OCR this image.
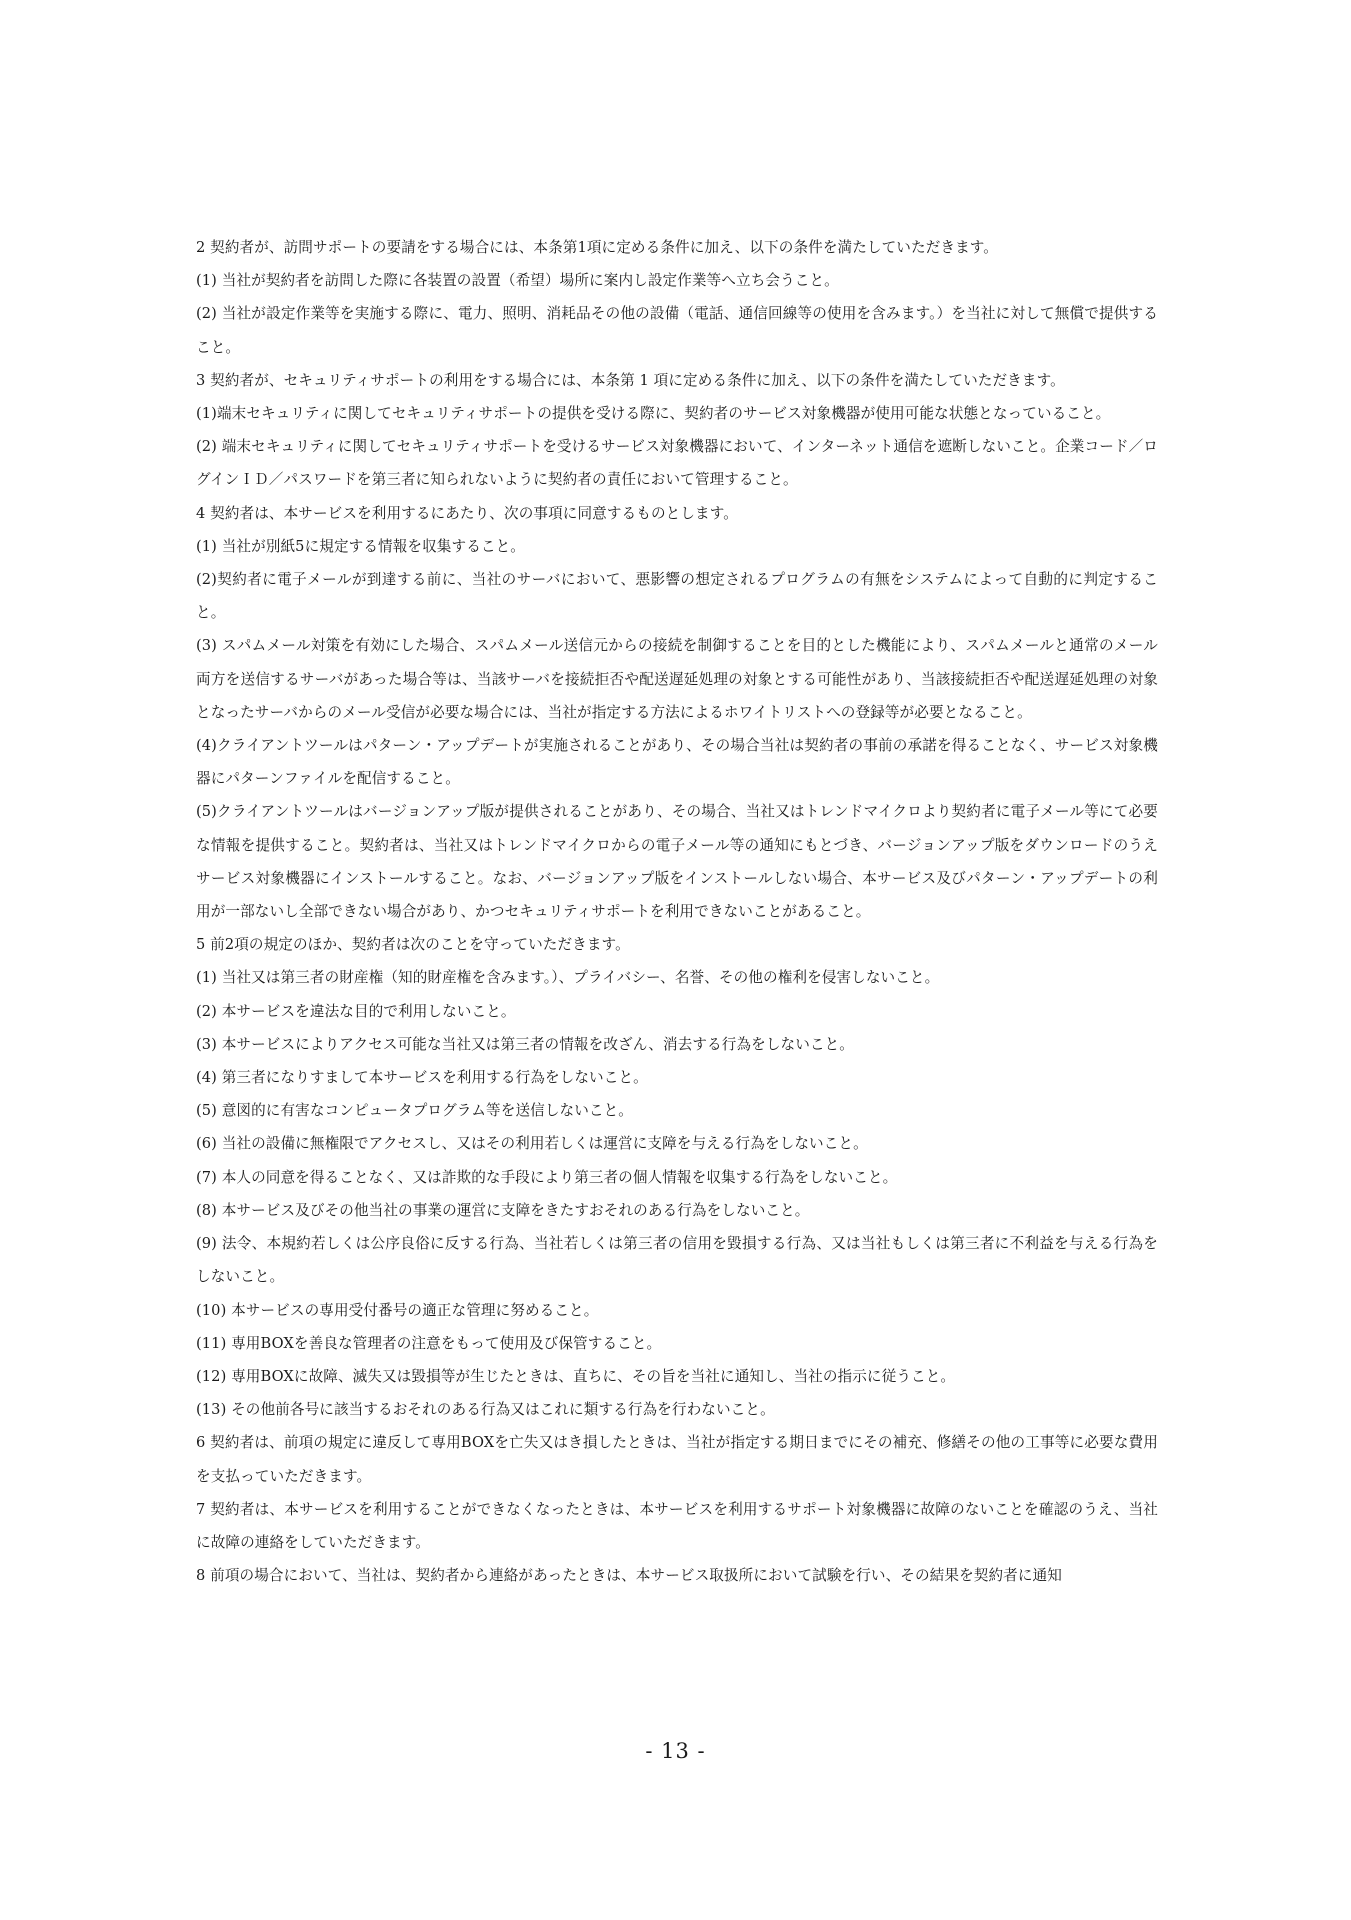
2 契約者が、訪問サポートの要請をする場合には、本条第1項に定める条件に加え、以下の条件を満たしていただきます。

(1) 当社が契約者を訪問した際に各装置の設置（希望）場所に案内し設定作業等へ立ち会うこと。

(2) 当社が設定作業等を実施する際に、電力、照明、消耗品その他の設備（電話、通信回線等の使用を含みます。）を当社に対して無償で提供すること。

3 契約者が、セキュリティサポートの利用をする場合には、本条第 1 項に定める条件に加え、以下の条件を満たしていただきます。

(1)端末セキュリティに関してセキュリティサポートの提供を受ける際に、契約者のサービス対象機器が使用可能な状態となっていること。

(2) 端末セキュリティに関してセキュリティサポートを受けるサービス対象機器において、インターネット通信を遮断しないこと。企業コード／ログインＩＤ／パスワードを第三者に知られないように契約者の責任において管理すること。

4 契約者は、本サービスを利用するにあたり、次の事項に同意するものとします。

(1) 当社が別紙5に規定する情報を収集すること。

(2)契約者に電子メールが到達する前に、当社のサーバにおいて、悪影響の想定されるプログラムの有無をシステムによって自動的に判定すること。

(3) スパムメール対策を有効にした場合、スパムメール送信元からの接続を制御することを目的とした機能により、スパムメールと通常のメール両方を送信するサーバがあった場合等は、当該サーバを接続拒否や配送遅延処理の対象とする可能性があり、当該接続拒否や配送遅延処理の対象となったサーバからのメール受信が必要な場合には、当社が指定する方法によるホワイトリストへの登録等が必要となること。

(4)クライアントツールはパターン・アップデートが実施されることがあり、その場合当社は契約者の事前の承諾を得ることなく、サービス対象機器にパターンファイルを配信すること。

(5)クライアントツールはバージョンアップ版が提供されることがあり、その場合、当社又はトレンドマイクロより契約者に電子メール等にて必要な情報を提供すること。契約者は、当社又はトレンドマイクロからの電子メール等の通知にもとづき、バージョンアップ版をダウンロードのうえサービス対象機器にインストールすること。なお、バージョンアップ版をインストールしない場合、本サービス及びパターン・アップデートの利用が一部ないし全部できない場合があり、かつセキュリティサポートを利用できないことがあること。

5 前2項の規定のほか、契約者は次のことを守っていただきます。

(1) 当社又は第三者の財産権（知的財産権を含みます。）、プライバシー、名誉、その他の権利を侵害しないこと。

(2) 本サービスを違法な目的で利用しないこと。

(3) 本サービスによりアクセス可能な当社又は第三者の情報を改ざん、消去する行為をしないこと。

(4) 第三者になりすまして本サービスを利用する行為をしないこと。

(5) 意図的に有害なコンピュータプログラム等を送信しないこと。

(6) 当社の設備に無権限でアクセスし、又はその利用若しくは運営に支障を与える行為をしないこと。

(7) 本人の同意を得ることなく、又は詐欺的な手段により第三者の個人情報を収集する行為をしないこと。

(8) 本サービス及びその他当社の事業の運営に支障をきたすおそれのある行為をしないこと。

(9) 法令、本規約若しくは公序良俗に反する行為、当社若しくは第三者の信用を毀損する行為、又は当社もしくは第三者に不利益を与える行為をしないこと。

(10) 本サービスの専用受付番号の適正な管理に努めること。

(11) 専用BOXを善良な管理者の注意をもって使用及び保管すること。

(12) 専用BOXに故障、滅失又は毀損等が生じたときは、直ちに、その旨を当社に通知し、当社の指示に従うこと。

(13) その他前各号に該当するおそれのある行為又はこれに類する行為を行わないこと。

6 契約者は、前項の規定に違反して専用BOXを亡失又はき損したときは、当社が指定する期日までにその補充、修繕その他の工事等に必要な費用を支払っていただきます。

7 契約者は、本サービスを利用することができなくなったときは、本サービスを利用するサポート対象機器に故障のないことを確認のうえ、当社に故障の連絡をしていただきます。

8 前項の場合において、当社は、契約者から連絡があったときは、本サービス取扱所において試験を行い、その結果を契約者に通知

- 13 -
